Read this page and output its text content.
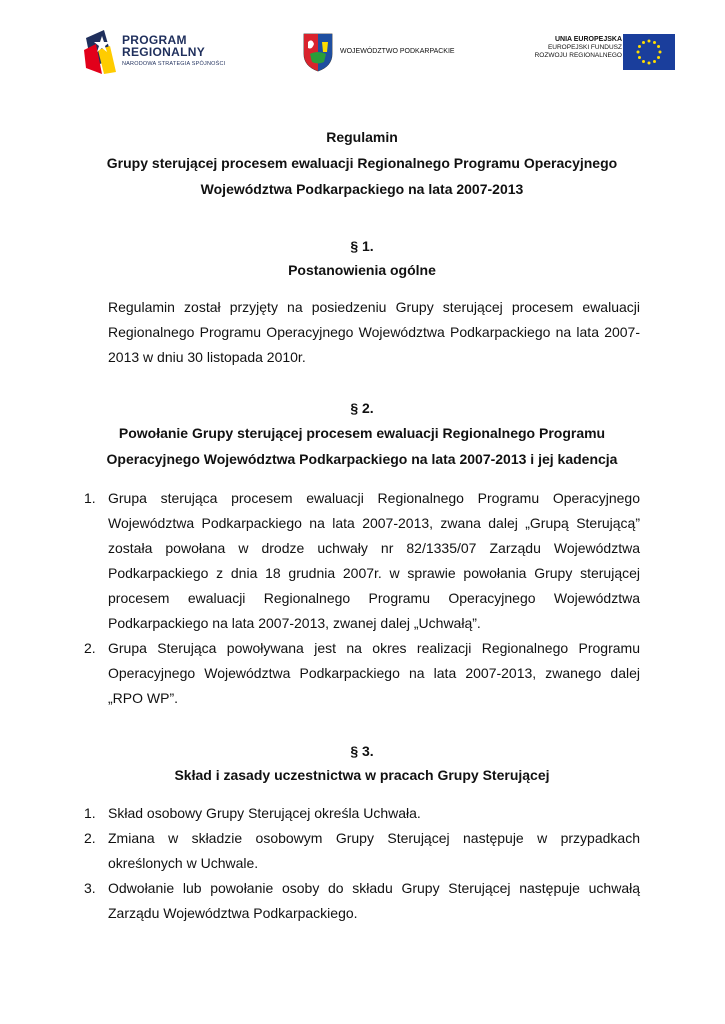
PROGRAM
REGIONALNY
NARODOWA STRATEGIA SPÓJNOŚCI
WOJEWÓDZTWO PODKARPACKIE
UNIA EUROPEJSKA
EUROPEJSKI FUNDUSZ
ROZWOJU REGIONALNEGO
Regulamin
Grupy sterującej procesem ewaluacji Regionalnego Programu Operacyjnego
Województwa Podkarpackiego na lata 2007-2013
§ 1.
Postanowienia ogólne

Regulamin został przyjęty na posiedzeniu Grupy sterującej procesem ewaluacji Regionalnego Programu Operacyjnego Województwa Podkarpackiego na lata 2007-2013 w dniu 30 listopada 2010r.

§ 2.
Powołanie Grupy sterującej procesem ewaluacji Regionalnego Programu
Operacyjnego Województwa Podkarpackiego na lata 2007-2013 i jej kadencja
1. Grupa sterująca procesem ewaluacji Regionalnego Programu Operacyjnego Województwa Podkarpackiego na lata 2007-2013, zwana dalej „Grupą Sterującą” została powołana w drodze uchwały nr 82/1335/07 Zarządu Województwa Podkarpackiego z dnia 18 grudnia 2007r. w sprawie powołania Grupy sterującej procesem ewaluacji Regionalnego Programu Operacyjnego Województwa Podkarpackiego na lata 2007-2013, zwanej dalej „Uchwałą”.
2. Grupa Sterująca powoływana jest na okres realizacji Regionalnego Programu Operacyjnego Województwa Podkarpackiego na lata 2007-2013, zwanego dalej „RPO WP”.
§ 3.
Skład i zasady uczestnictwa w pracach Grupy Sterującej
1. Skład osobowy Grupy Sterującej określa Uchwała.
2. Zmiana w składzie osobowym Grupy Sterującej następuje w przypadkach określonych w Uchwale.
3. Odwołanie lub powołanie osoby do składu Grupy Sterującej następuje uchwałą Zarządu Województwa Podkarpackiego.
